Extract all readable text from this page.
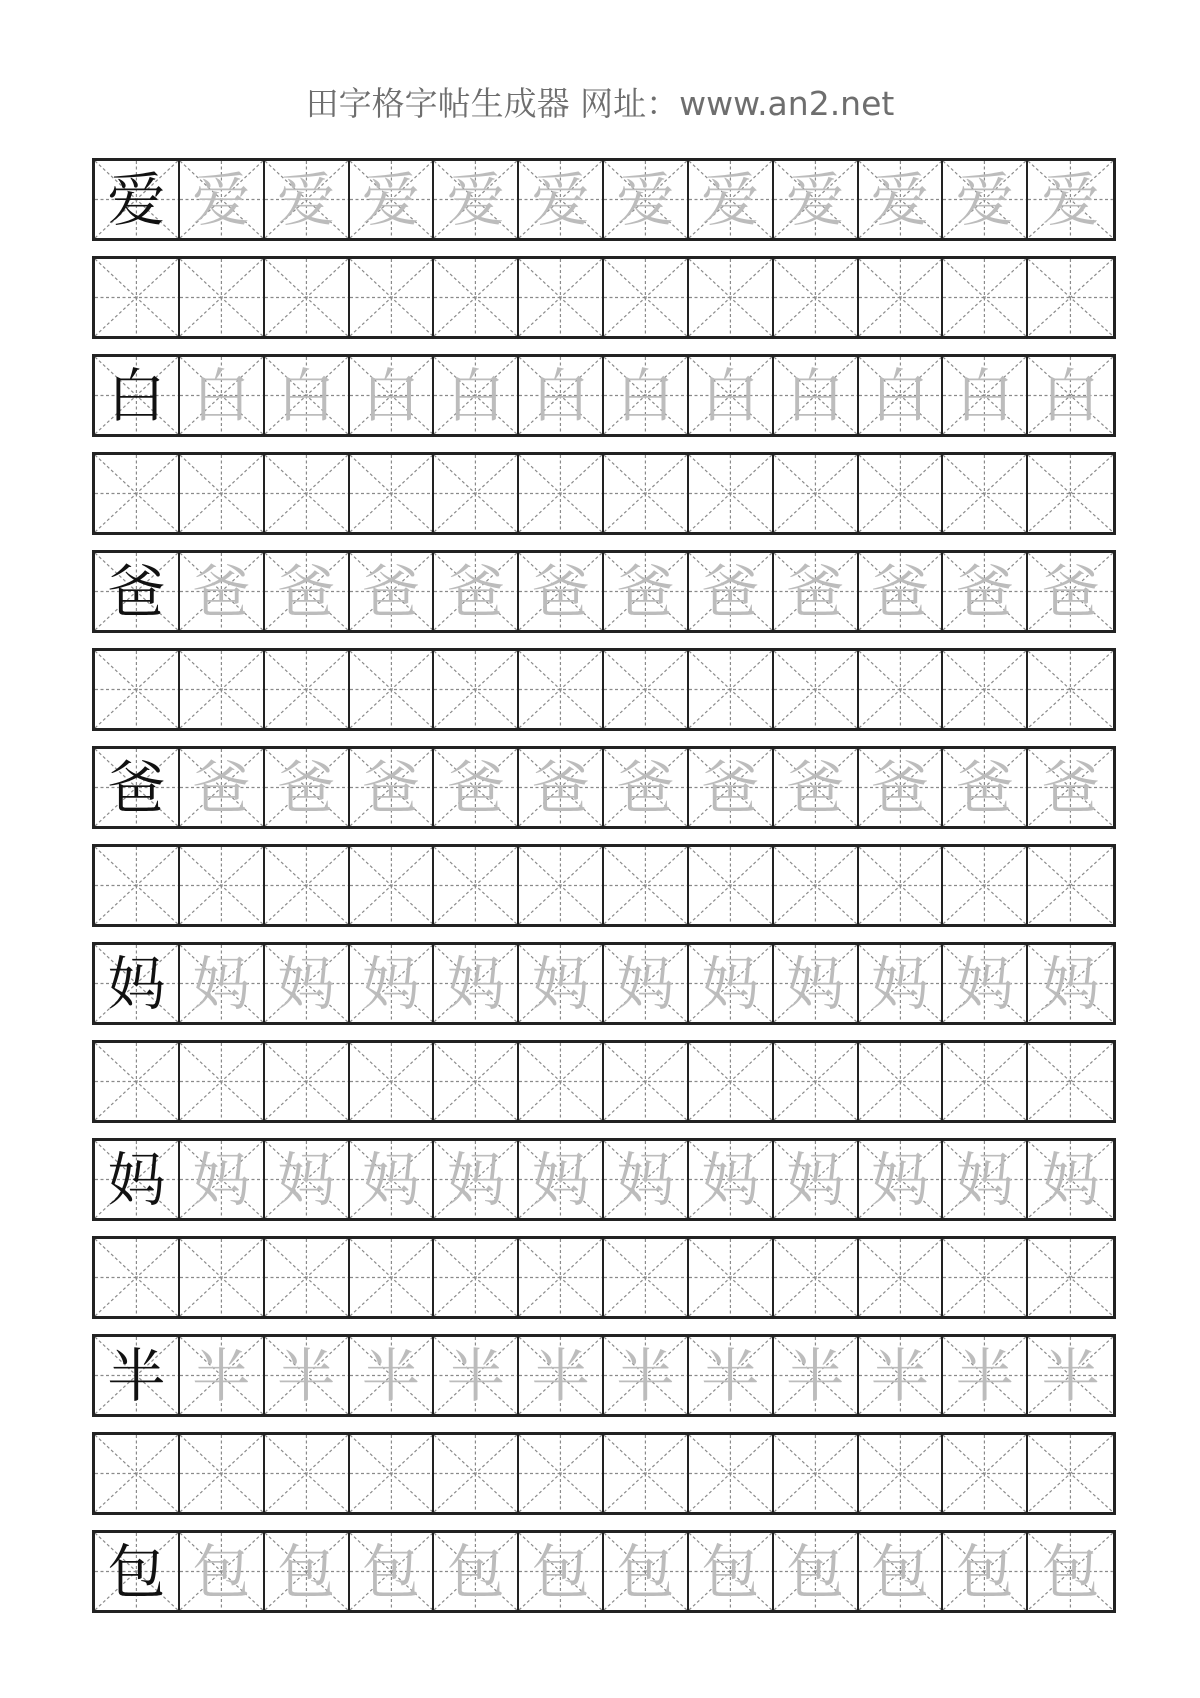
田字格字帖生成器 网址：www.an2.net
爱 爱 爱 爱 爱 爱 爱 爱 爱 爱 爱 爱
白 白 白 白 白 白 白 白 白 白 白 白
爸 爸 爸 爸 爸 爸 爸 爸 爸 爸 爸 爸
爸 爸 爸 爸 爸 爸 爸 爸 爸 爸 爸 爸
妈 妈 妈 妈 妈 妈 妈 妈 妈 妈 妈 妈
妈 妈 妈 妈 妈 妈 妈 妈 妈 妈 妈 妈
半 半 半 半 半 半 半 半 半 半 半 半
包 包 包 包 包 包 包 包 包 包 包 包
